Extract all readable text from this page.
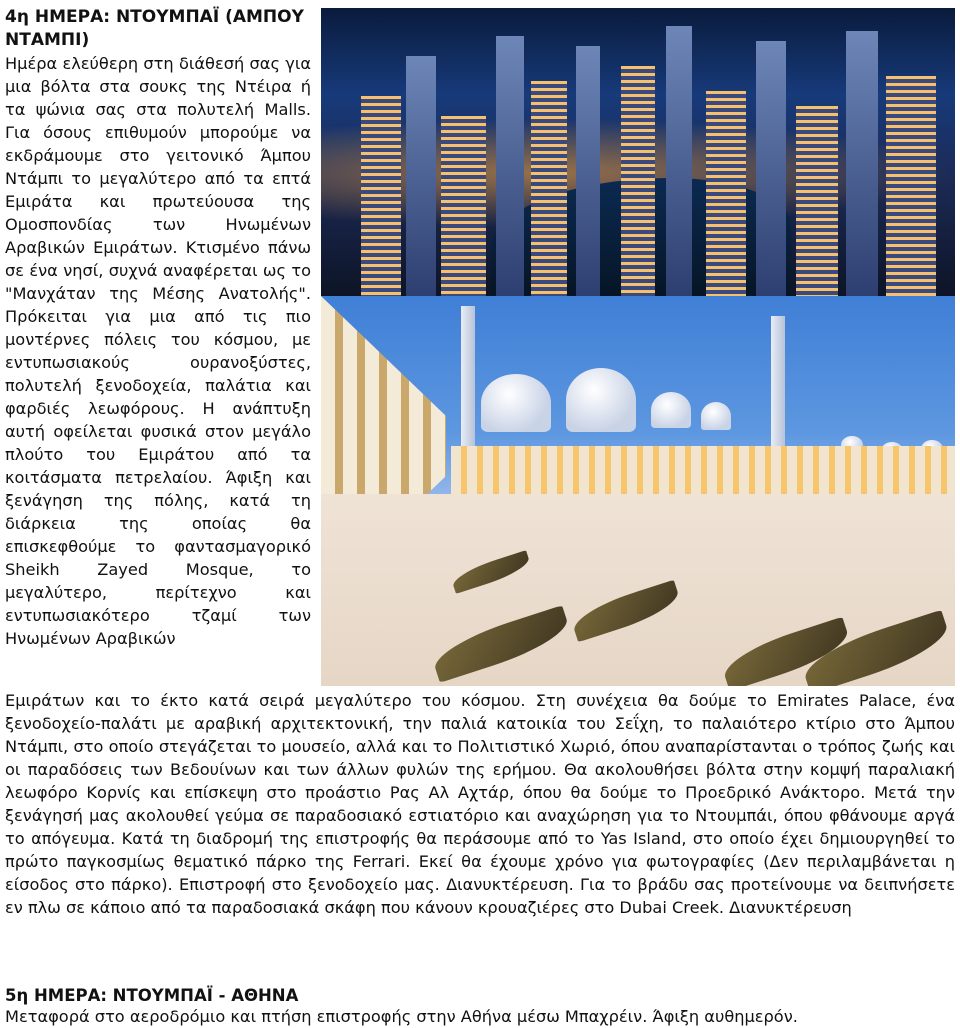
4η ΗΜΕΡΑ: ΝΤΟΥΜΠΑΪ (ΑΜΠΟΥ ΝΤΑΜΠΙ)

Ημέρα ελεύθερη στη διάθεσή σας για μια βόλτα στα σουκς της Ντέιρα ή τα ψώνια σας στα πολυτελή Malls. Για όσους επιθυμούν μπορούμε να εκδράμουμε στο γειτονικό Άμπου Ντάμπι το μεγαλύτερο από τα επτά Εμιράτα και πρωτεύουσα της Ομοσπονδίας των Ηνωμένων Αραβικών Εμιράτων. Κτισμένο πάνω σε ένα νησί, συχνά αναφέρεται ως το "Μανχάταν της Μέσης Ανατολής". Πρόκειται για μια από τις πιο μοντέρνες πόλεις του κόσμου, με εντυπωσιακούς ουρανοξύστες, πολυτελή ξενοδοχεία, παλάτια και φαρδιές λεωφόρους. Η ανάπτυξη αυτή οφείλεται φυσικά στον μεγάλο πλούτο του Εμιράτου από τα κοιτάσματα πετρελαίου. Άφιξη και ξενάγηση της πόλης, κατά τη διάρκεια της οποίας θα επισκεφθούμε το φαντασμαγορικό Sheikh Zayed Mosque, το μεγαλύτερο, περίτεχνο και εντυπωσιακότερο τζαμί των Ηνωμένων Αραβικών

Εμιράτων και το έκτο κατά σειρά μεγαλύτερο του κόσμου. Στη συνέχεια θα δούμε το Emirates Palace, ένα ξενοδοχείο-παλάτι με αραβική αρχιτεκτονική, την παλιά κατοικία του Σεΐχη, το παλαιότερο κτίριο στο Άμπου Ντάμπι, στο οποίο στεγάζεται το μουσείο, αλλά και το Πολιτιστικό Χωριό, όπου αναπαρίστανται ο τρόπος ζωής και οι παραδόσεις των Βεδουίνων και των άλλων φυλών της ερήμου. Θα ακολουθήσει βόλτα στην κομψή παραλιακή λεωφόρο Κορνίς και επίσκεψη στο προάστιο Ρας Αλ Αχτάρ, όπου θα δούμε το Προεδρικό Ανάκτορο. Μετά την ξενάγησή μας ακολουθεί γεύμα σε παραδοσιακό εστιατόριο και αναχώρηση για το Ντουμπάι, όπου φθάνουμε αργά το απόγευμα. Κατά τη διαδρομή της επιστροφής θα περάσουμε από το Yas Island, στο οποίο έχει δημιουργηθεί το πρώτο παγκοσμίως θεματικό πάρκο της Ferrari. Εκεί θα έχουμε χρόνο για φωτογραφίες (Δεν περιλαμβάνεται η είσοδος στο πάρκο). Επιστροφή στο ξενοδοχείο μας. Διανυκτέρευση. Για το βράδυ σας προτείνουμε να δειπνήσετε εν πλω σε κάποιο από τα παραδοσιακά σκάφη που κάνουν κρουαζιέρες στο Dubai Creek. Διανυκτέρευση

5η ΗΜΕΡΑ: ΝΤΟΥΜΠΑΪ - ΑΘΗΝΑ

Μεταφορά στο αεροδρόμιο και πτήση επιστροφής στην Αθήνα μέσω Μπαχρέιν. Άφιξη αυθημερόν.
